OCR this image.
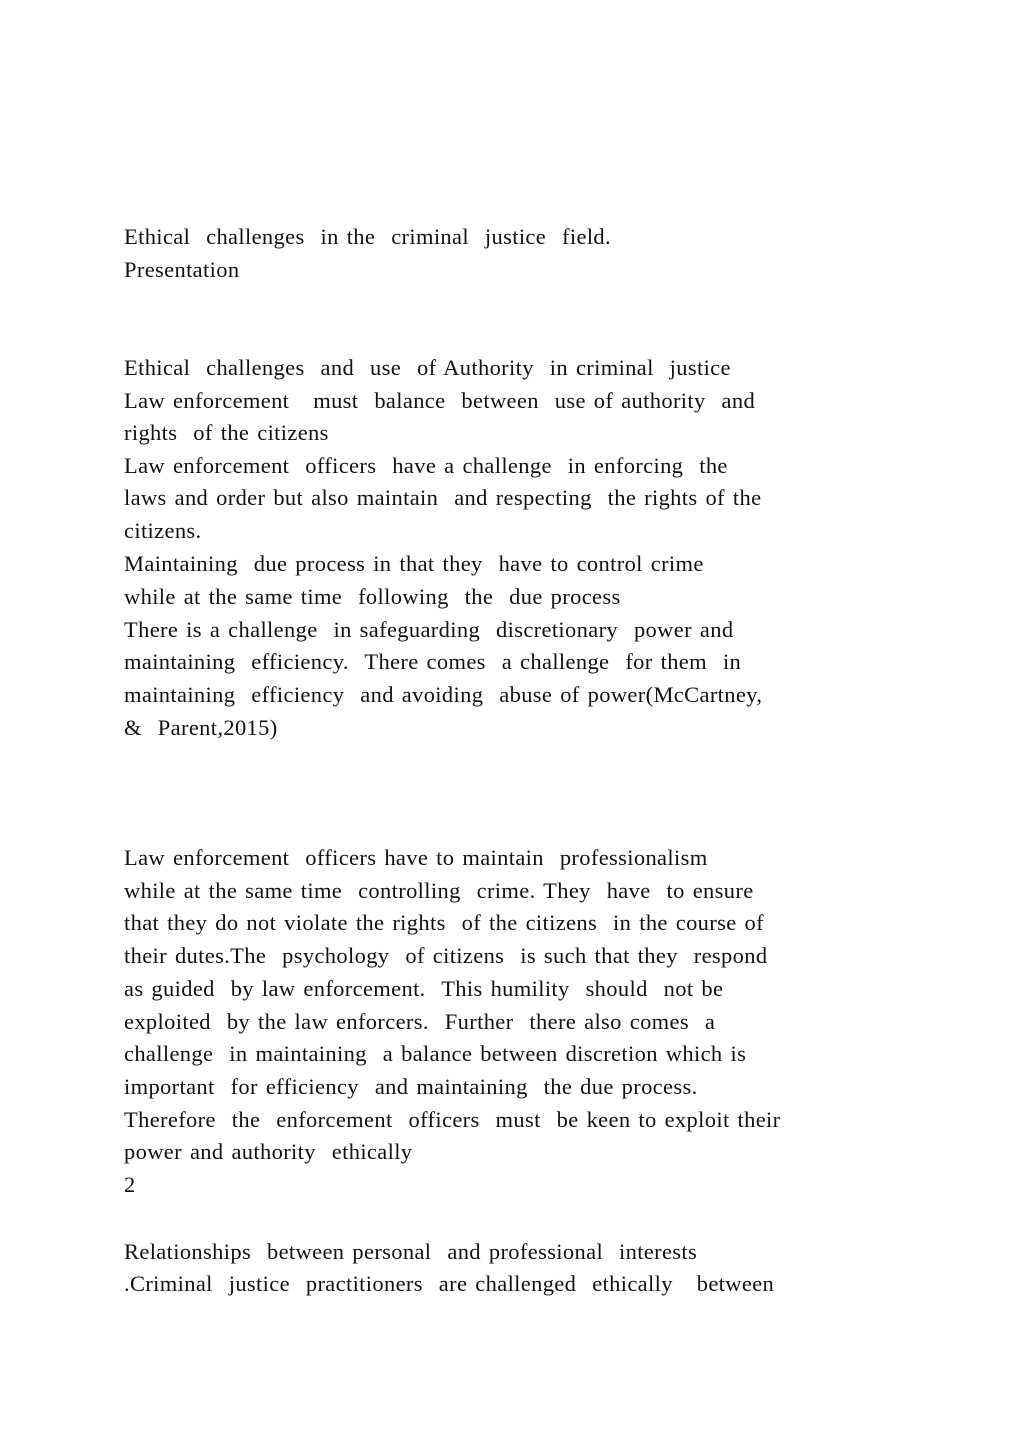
Ethical  challenges  in the  criminal  justice  field.
Presentation
Ethical  challenges  and  use  of Authority  in criminal  justice
Law enforcement   must  balance  between  use of authority  and
rights  of the citizens
Law enforcement  officers  have a challenge  in enforcing  the
laws and order but also maintain  and respecting  the rights of the
citizens.
Maintaining  due process in that they  have to control crime
while at the same time  following  the  due process
There is a challenge  in safeguarding  discretionary  power and
maintaining  efficiency.  There comes  a challenge  for them  in
maintaining  efficiency  and avoiding  abuse of power(McCartney,
&  Parent,2015)
Law enforcement  officers have to maintain  professionalism
while at the same time  controlling  crime. They  have  to ensure
that they do not violate the rights  of the citizens  in the course of
their dutes.The  psychology  of citizens  is such that they  respond
as guided  by law enforcement.  This humility  should  not be
exploited  by the law enforcers.  Further  there also comes  a
challenge  in maintaining  a balance between discretion which is
important  for efficiency  and maintaining  the due process.
Therefore  the  enforcement  officers  must  be keen to exploit their
power and authority  ethically
2
Relationships  between personal  and professional  interests
.Criminal  justice  practitioners  are challenged  ethically   between
